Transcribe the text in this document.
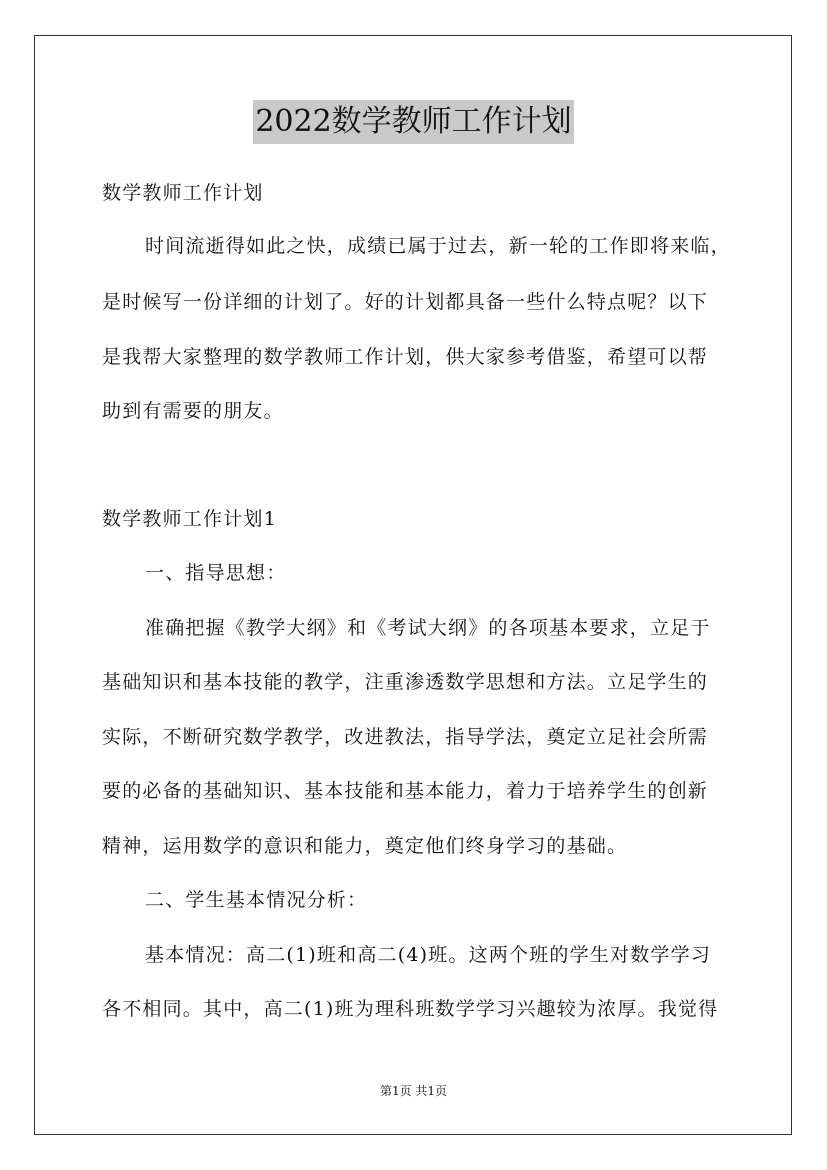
2022数学教师工作计划
数学教师工作计划
时间流逝得如此之快，成绩已属于过去，新一轮的工作即将来临，
是时候写一份详细的计划了。好的计划都具备一些什么特点呢？以下
是我帮大家整理的数学教师工作计划，供大家参考借鉴，希望可以帮
助到有需要的朋友。
数学教师工作计划1
一、指导思想：
准确把握《教学大纲》和《考试大纲》的各项基本要求，立足于
基础知识和基本技能的教学，注重渗透数学思想和方法。立足学生的
实际，不断研究数学教学，改进教法，指导学法，奠定立足社会所需
要的必备的基础知识、基本技能和基本能力，着力于培养学生的创新
精神，运用数学的意识和能力，奠定他们终身学习的基础。
二、学生基本情况分析：
基本情况：高二(1)班和高二(4)班。这两个班的学生对数学学习
各不相同。其中，高二(1)班为理科班数学学习兴趣较为浓厚。我觉得
第1页 共1页
